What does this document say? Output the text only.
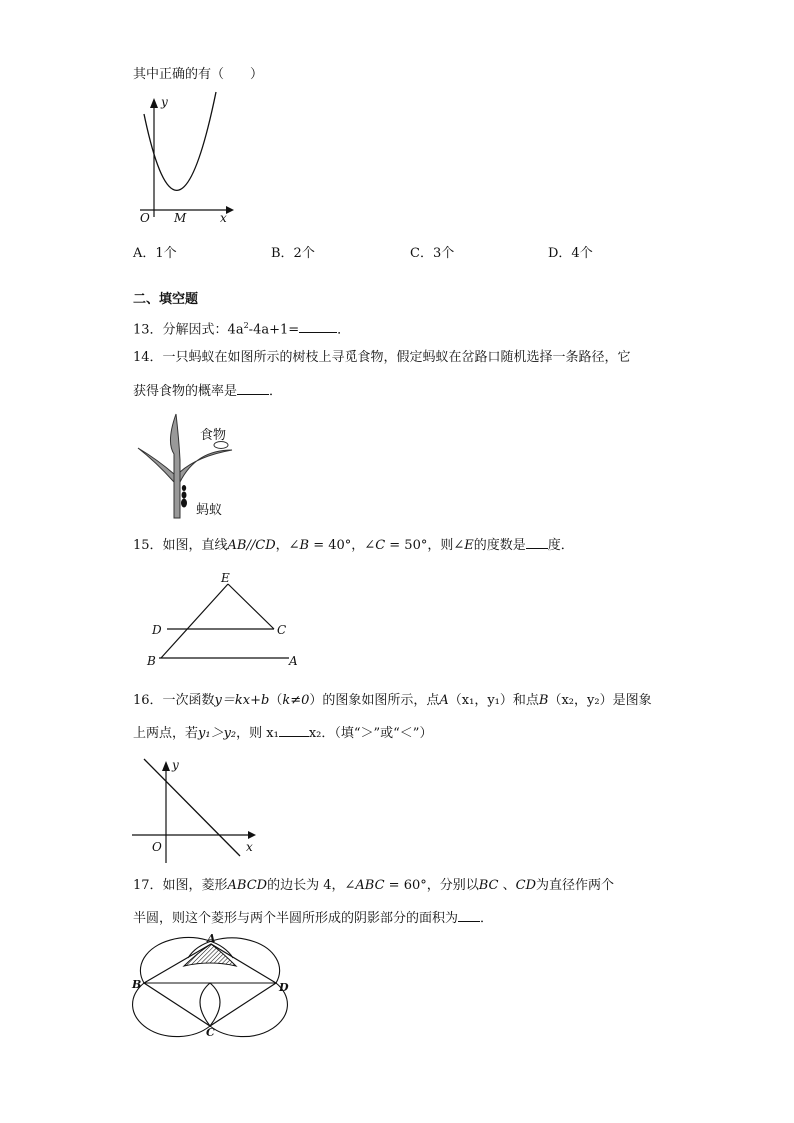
其中正确的有（　　）
y
O M	x
A．1个	B．2个	C．3个	D．4个
二、填空题
13．分解因式：$4a^2-4a+1=$	．
14．一只蚂蚁在如图所示的树枝上寻觅食物，假定蚂蚁在岔路口随机选择一条路径，它
获得食物的概率是 ．
食物
蚂蚁
15．如图，直线AB//CD，∠B = 40°，∠C = 50°，则∠E的度数是 度．
E
D	C
B	A
16．一次函数y＝kx+b（k≠0）的图象如图所示，点A（x₁，y₁）和点B（x₂，y₂）是图象
上两点，若y₁＞y₂，则 x₁ x₂．（填“＞”或“＜”）
y
O	x
17．如图，菱形ABCD的边长为 4，∠ABC = 60°，分别以BC 、CD为直径作两个
半圆，则这个菱形与两个半圆所形成的阴影部分的面积为 ．
A
B
C
D
